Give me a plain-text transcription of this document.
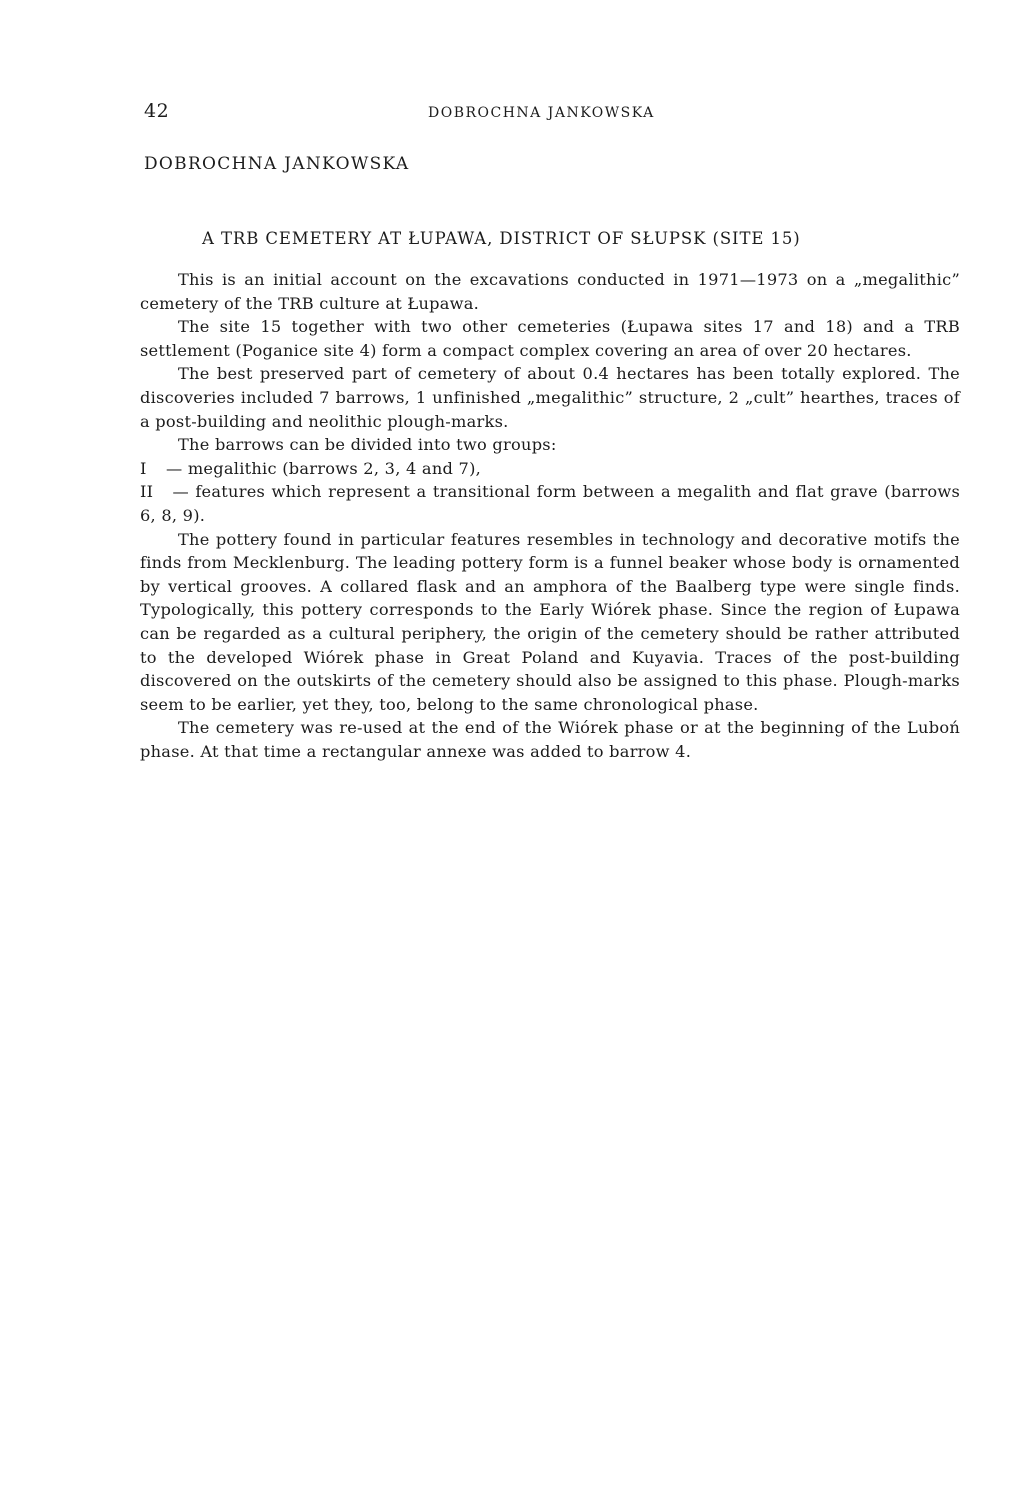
42	DOBROCHNA JANKOWSKA
DOBROCHNA JANKOWSKA
A TRB CEMETERY AT ŁUPAWA, DISTRICT OF SŁUPSK (SITE 15)

This is an initial account on the excavations conducted in 1971—1973 on a „megalithic” cemetery of the TRB culture at Łupawa.

The site 15 together with two other cemeteries (Łupawa sites 17 and 18) and a TRB settlement (Poganice site 4) form a compact complex covering an area of over 20 hectares.

The best preserved part of cemetery of about 0.4 hectares has been totally explored. The discoveries included 7 barrows, 1 unfinished „megalithic” structure, 2 „cult” hearthes, traces of a post-building and neolithic plough-marks.

The barrows can be divided into two groups:

I	— megalithic (barrows 2, 3, 4 and 7),

II — features which represent a transitional form between a megalith and flat grave (barrows 6, 8, 9).

The pottery found in particular features resembles in technology and decorative motifs the finds from Mecklenburg. The leading pottery form is a funnel beaker whose body is ornamented by vertical grooves. A collared flask and an amphora of the Baalberg type were single finds. Typologically, this pottery corresponds to the Early Wiórek phase. Since the region of Łupawa can be regarded as a cultural periphery, the origin of the cemetery should be rather attributed to the developed Wiórek phase in Great Poland and Kuyavia. Traces of the post-building discovered on the outskirts of the cemetery should also be assigned to this phase. Plough-marks seem to be earlier, yet they, too, belong to the same chronological phase.

The cemetery was re-used at the end of the Wiórek phase or at the beginning of the Luboń phase. At that time a rectangular annexe was added to barrow 4.
